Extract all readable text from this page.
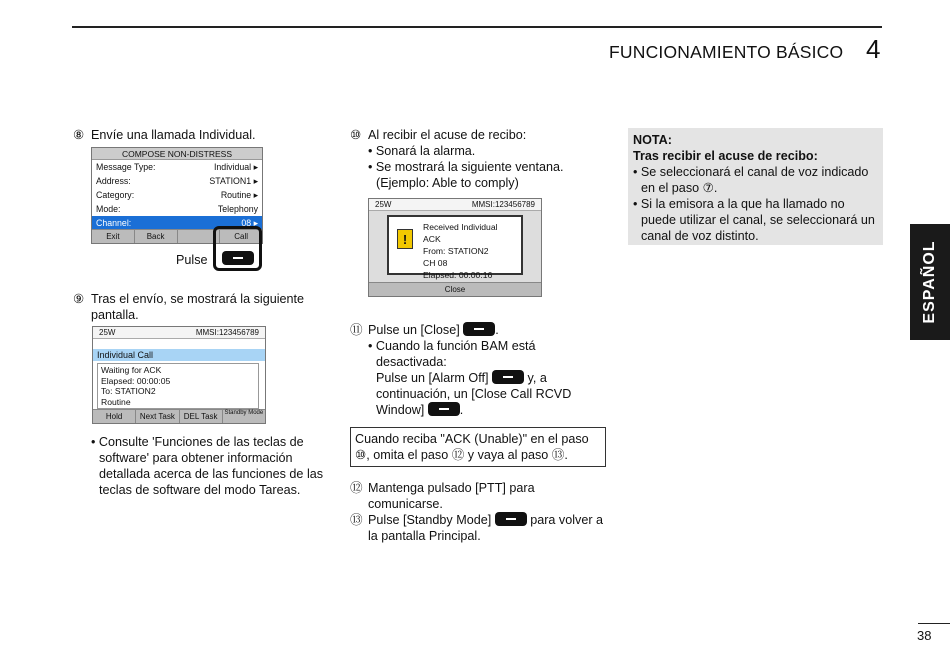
FUNCIONAMIENTO BÁSICO 4
⑧ Envíe una llamada Individual.
COMPOSE NON-DISTRESS
Message Type:	Individual ▸
Address:	STATION1 ▸
Category:	Routine ▸
Mode:	Telephony
Channel:	08 ▸
Exit	Back	Call
Pulse
⑨ Tras el envío, se mostrará la siguiente
pantalla.
25W	MMSI:123456789
Individual Call
Waiting for ACK
Elapsed: 00:00:05
To: STATION2
Routine
Hold	Next Task	DEL Task	Standby Mode
• Consulte 'Funciones de las teclas de
software' para obtener información
detallada acerca de las funciones de las
teclas de software del modo Tareas.
⑩ Al recibir el acuse de recibo:
• Sonará la alarma.
• Se mostrará la siguiente ventana.
(Ejemplo: Able to comply)
25W	MMSI:123456789
!
Received Individual ACK
From: STATION2
CH 08
Elapsed: 00:00:16
Close
⑪ Pulse un [Close]	.
• Cuando la función BAM está
desactivada:
Pulse un [Alarm Off]	y, a
continuación, un [Close Call RCVD
Window]	.
Cuando reciba "ACK (Unable)" en el paso
⑩, omita el paso ⑫ y vaya al paso ⑬.
⑫ Mantenga pulsado [PTT] para
comunicarse.
⑬ Pulse [Standby Mode]	para volver a
la pantalla Principal.
NOTA:
Tras recibir el acuse de recibo:
• Se seleccionará el canal de voz indicado
en el paso ⑦.
• Si la emisora a la que ha llamado no
puede utilizar el canal, se seleccionará un
canal de voz distinto.
ESPAÑOL
38
